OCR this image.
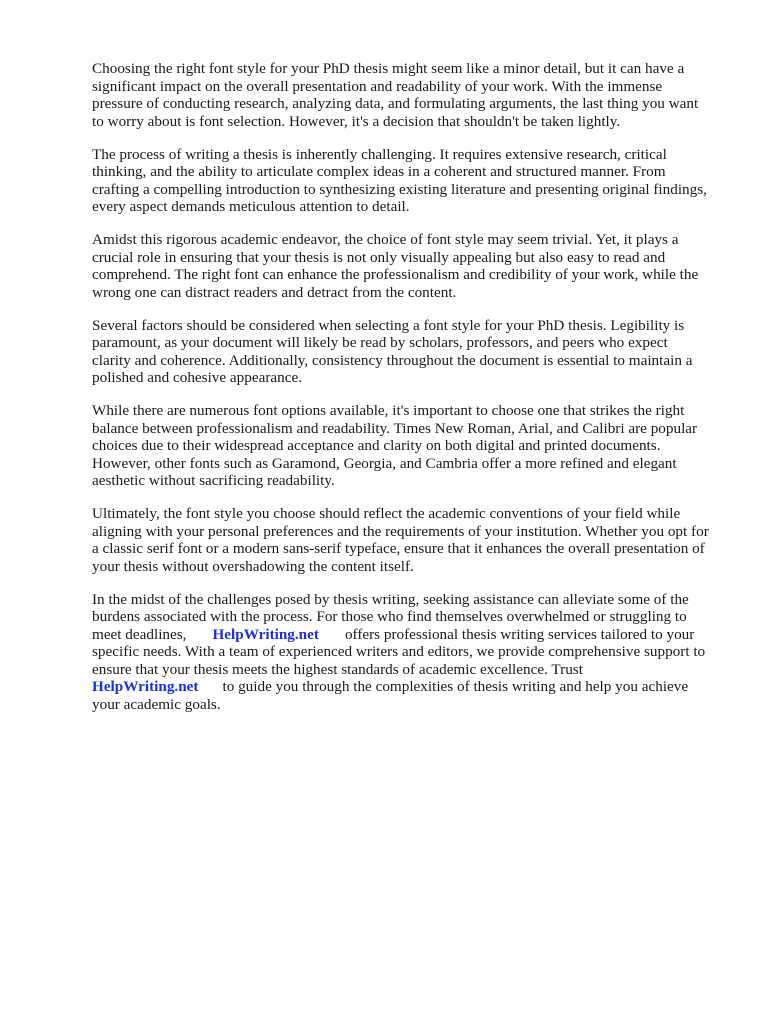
Choosing the right font style for your PhD thesis might seem like a minor detail, but it can have a
significant impact on the overall presentation and readability of your work. With the immense
pressure of conducting research, analyzing data, and formulating arguments, the last thing you want
to worry about is font selection. However, it's a decision that shouldn't be taken lightly.

The process of writing a thesis is inherently challenging. It requires extensive research, critical
thinking, and the ability to articulate complex ideas in a coherent and structured manner. From
crafting a compelling introduction to synthesizing existing literature and presenting original findings,
every aspect demands meticulous attention to detail.

Amidst this rigorous academic endeavor, the choice of font style may seem trivial. Yet, it plays a
crucial role in ensuring that your thesis is not only visually appealing but also easy to read and
comprehend. The right font can enhance the professionalism and credibility of your work, while the
wrong one can distract readers and detract from the content.

Several factors should be considered when selecting a font style for your PhD thesis. Legibility is
paramount, as your document will likely be read by scholars, professors, and peers who expect
clarity and coherence. Additionally, consistency throughout the document is essential to maintain a
polished and cohesive appearance.

While there are numerous font options available, it's important to choose one that strikes the right
balance between professionalism and readability. Times New Roman, Arial, and Calibri are popular
choices due to their widespread acceptance and clarity on both digital and printed documents.
However, other fonts such as Garamond, Georgia, and Cambria offer a more refined and elegant
aesthetic without sacrificing readability.

Ultimately, the font style you choose should reflect the academic conventions of your field while
aligning with your personal preferences and the requirements of your institution. Whether you opt for
a classic serif font or a modern sans-serif typeface, ensure that it enhances the overall presentation of
your thesis without overshadowing the content itself.

In the midst of the challenges posed by thesis writing, seeking assistance can alleviate some of the
burdens associated with the process. For those who find themselves overwhelmed or struggling to
meet deadlines, HelpWriting.net offers professional thesis writing services tailored to your
specific needs. With a team of experienced writers and editors, we provide comprehensive support to
ensure that your thesis meets the highest standards of academic excellence. Trust
HelpWriting.net to guide you through the complexities of thesis writing and help you achieve
your academic goals.
